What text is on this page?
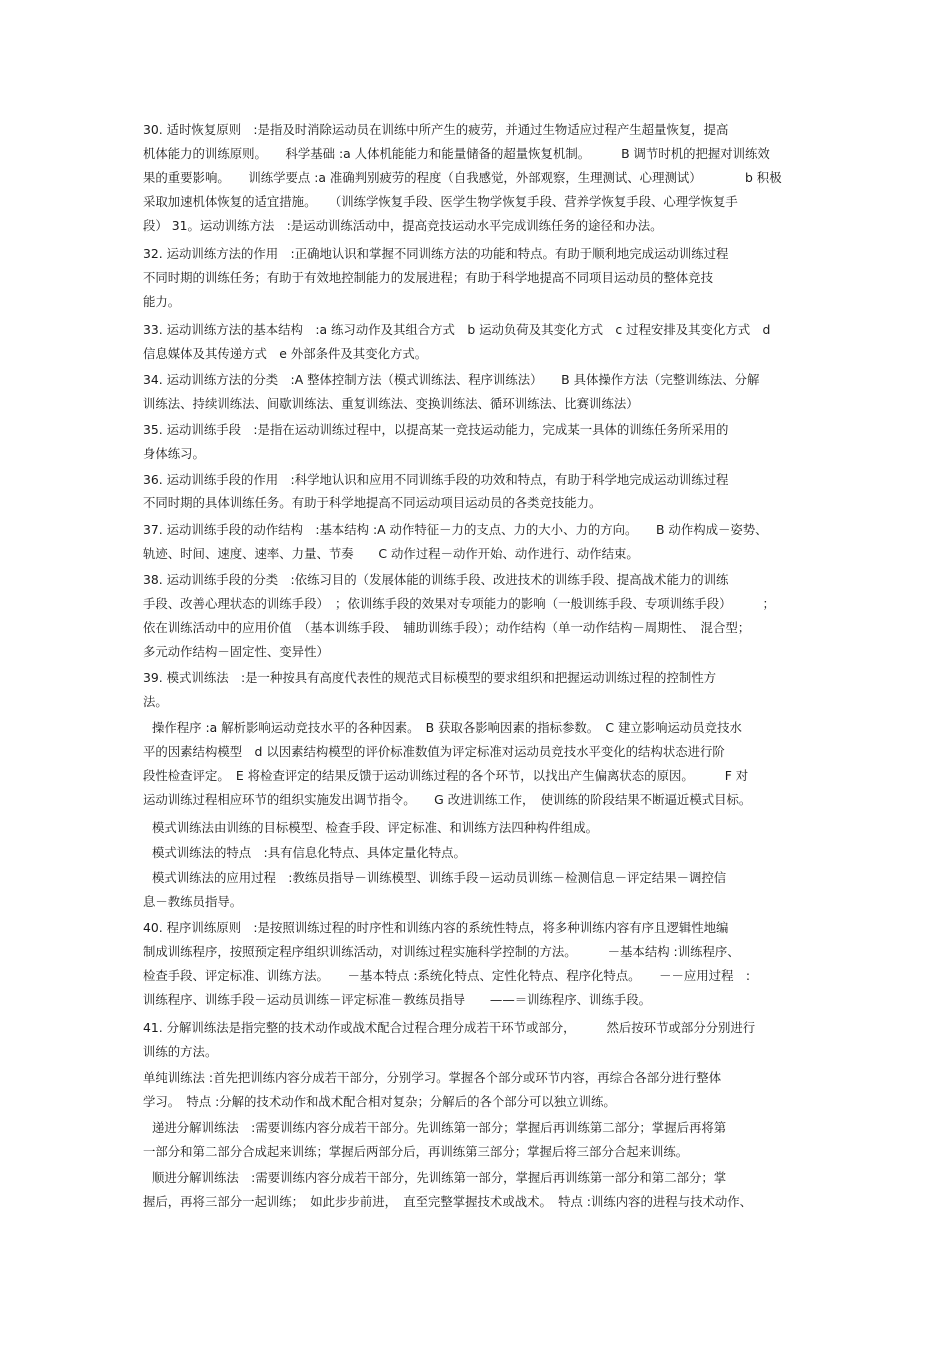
30. 适时恢复原则　:是指及时消除运动员在训练中所产生的疲劳，并通过生物适应过程产生超量恢复，提高
机体能力的训练原则。　　科学基础 :a 人体机能能力和能量储备的超量恢复机制。　　　B 调节时机的把握对训练效
果的重要影响。　　训练学要点 :a 准确判别疲劳的程度（自我感觉，外部观察，生理测试、心理测试）　　　　b 积极
采取加速机体恢复的适宜措施。　　（训练学恢复手段、医学生物学恢复手段、营养学恢复手段、心理学恢复手
段） 31。运动训练方法　:是运动训练活动中，提高竞技运动水平完成训练任务的途径和办法。
32. 运动训练方法的作用　:正确地认识和掌握不同训练方法的功能和特点。有助于顺利地完成运动训练过程
不同时期的训练任务；有助于有效地控制能力的发展进程；有助于科学地提高不同项目运动员的整体竞技
能力。
33. 运动训练方法的基本结构　:a 练习动作及其组合方式　b 运动负荷及其变化方式　c 过程安排及其变化方式　d
信息媒体及其传递方式　e 外部条件及其变化方式。
34. 运动训练方法的分类　:A 整体控制方法（模式训练法、程序训练法）　　B 具体操作方法（完整训练法、分解
训练法、持续训练法、间歇训练法、重复训练法、变换训练法、循环训练法、比赛训练法）
35. 运动训练手段　:是指在运动训练过程中，以提高某一竞技运动能力，完成某一具体的训练任务所采用的
身体练习。
36. 运动训练手段的作用　:科学地认识和应用不同训练手段的功效和特点，有助于科学地完成运动训练过程
不同时期的具体训练任务。有助于科学地提高不同运动项目运动员的各类竞技能力。
37. 运动训练手段的动作结构　:基本结构 :A 动作特征－力的支点、力的大小、力的方向。　　B 动作构成－姿势、
轨迹、时间、速度、速率、力量、节奏　　C 动作过程－动作开始、动作进行、动作结束。
38. 运动训练手段的分类　:依练习目的（发展体能的训练手段、改进技术的训练手段、提高战术能力的训练
手段、改善心理状态的训练手段）　；依训练手段的效果对专项能力的影响（一般训练手段、专项训练手段）　　　；
依在训练活动中的应用价值　（基本训练手段、　辅助训练手段）；动作结构（单一动作结构－周期性、　混合型；
多元动作结构－固定性、变异性）
39. 模式训练法　:是一种按具有高度代表性的规范式目标模型的要求组织和把握运动训练过程的控制性方
法。
操作程序 :a 解析影响运动竞技水平的各种因素。　B 获取各影响因素的指标参数。　C 建立影响运动员竞技水
平的因素结构模型　d 以因素结构模型的评价标准数值为评定标准对运动员竞技水平变化的结构状态进行阶
段性检查评定。　E 将检查评定的结果反馈于运动训练过程的各个环节，以找出产生偏离状态的原因。　　　F 对
运动训练过程相应环节的组织实施发出调节指令。　　G 改进训练工作，　使训练的阶段结果不断逼近模式目标。
模式训练法由训练的目标模型、检查手段、评定标准、和训练方法四种构件组成。
模式训练法的特点　:具有信息化特点、具体定量化特点。
模式训练法的应用过程　:教练员指导－训练模型、训练手段－运动员训练－检测信息－评定结果－调控信
息－教练员指导。
40. 程序训练原则　:是按照训练过程的时序性和训练内容的系统性特点，将多种训练内容有序且逻辑性地编
制成训练程序，按照预定程序组织训练活动，对训练过程实施科学控制的方法。　　　－基本结构 :训练程序、
检查手段、评定标准、训练方法。　　－基本特点 :系统化特点、定性化特点、程序化特点。　　－－应用过程　:
训练程序、训练手段－运动员训练－评定标准－教练员指导　　——＝训练程序、训练手段。
41. 分解训练法是指完整的技术动作或战术配合过程合理分成若干环节或部分，　　　然后按环节或部分分别进行
训练的方法。
单纯训练法 :首先把训练内容分成若干部分，分别学习。掌握各个部分或环节内容，再综合各部分进行整体
学习。　特点 :分解的技术动作和战术配合相对复杂；分解后的各个部分可以独立训练。
递进分解训练法　:需要训练内容分成若干部分。先训练第一部分；掌握后再训练第二部分；掌握后再将第
一部分和第二部分合成起来训练；掌握后两部分后，再训练第三部分；掌握后将三部分合起来训练。
顺进分解训练法　:需要训练内容分成若干部分，先训练第一部分，掌握后再训练第一部分和第二部分；掌
握后，再将三部分一起训练；　如此步步前进，　直至完整掌握技术或战术。　特点 :训练内容的进程与技术动作、
